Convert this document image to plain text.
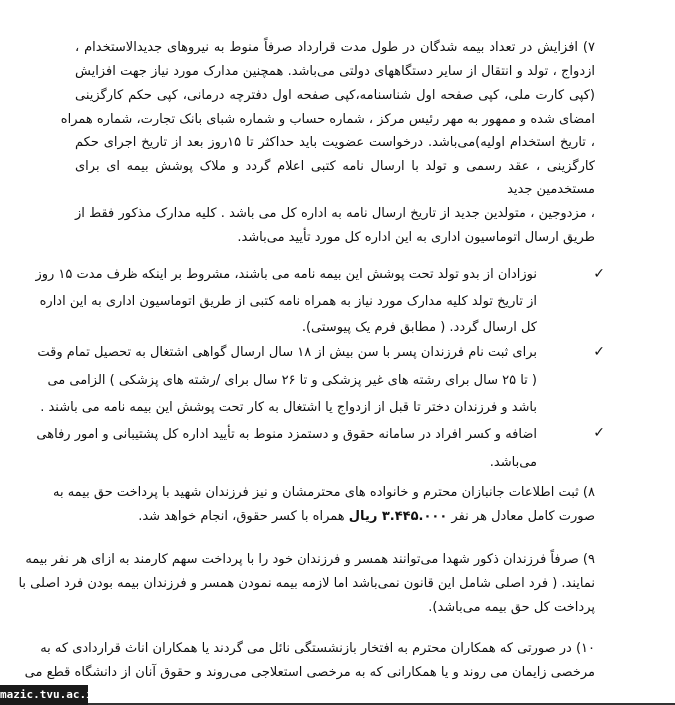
۷) افزایش در تعداد بیمه شدگان در طول مدت قرارداد صرفاً منوط به نیروهای جدیدالاستخدام ،
ازدواج ، تولد و انتقال از سایر دستگاههای دولتی می‌باشد. همچنین مدارک مورد نیاز جهت افزایش
(کپی کارت ملی، کپی صفحه اول شناسنامه،کپی صفحه اول دفترچه درمانی، کپی حکم کارگزینی
امضای شده و ممهور به مهر رئیس مرکز ، شماره حساب و شماره شبای بانک تجارت، شماره همراه
، تاریخ استخدام اولیه)می‌باشد. درخواست عضویت باید حداکثر تا ۱۵روز بعد از تاریخ اجرای حکم
کارگزینی ، عقد رسمی و تولد با ارسال نامه کتبی اعلام گردد و ملاک پوشش بیمه ای برای
مستخدمین جدید
، مزدوجین ، متولدین جدید از تاریخ ارسال نامه به اداره کل می باشد . کلیه مدارک مذکور فقط از
طریق ارسال اتوماسیون اداری به این اداره کل مورد تأیید می‌باشد.
✓
نوزادان از بدو تولد تحت پوشش این بیمه نامه می باشند، مشروط بر اینکه ظرف مدت ۱۵ روز
از تاریخ تولد کلیه مدارک مورد نیاز به همراه نامه کتبی از طریق اتوماسیون اداری به این اداره
کل ارسال گردد. ( مطابق فرم یک پیوستی).
✓
برای ثبت نام فرزندان پسر با سن بیش از ۱۸ سال ارسال گواهی اشتغال به تحصیل تمام وقت
( تا ۲۵ سال برای رشته های غیر پزشکی و تا ۲۶ سال برای /رشته های پزشکی ) الزامی می
باشد و فرزندان دختر تا قبل از ازدواج یا اشتغال به کار تحت پوشش این بیمه نامه می باشند .
✓
اضافه و کسر افراد در سامانه حقوق و دستمزد منوط به تأیید اداره کل پشتیبانی و امور رفاهی
می‌باشد.
۸) ثبت اطلاعات جانبازان محترم و خانواده های محترمشان و نیز فرزندان شهید با پرداخت حق بیمه به
صورت کامل معادل هر نفر ۳.۴۴۵.۰۰۰ ریال همراه با کسر حقوق، انجام خواهد شد.
۹) صرفاً فرزندان ذکور شهدا می‌توانند همسر و فرزندان خود را با پرداخت سهم کارمند به ازای هر نفر بیمه
نمایند. ( فرد اصلی شامل این قانون نمی‌باشد اما لازمه بیمه نمودن همسر و فرزندان بیمه بودن فرد اصلی با
پرداخت کل حق بیمه می‌باشد).
۱۰) در صورتی که همکاران محترم به افتخار بازنشستگی نائل می گردند یا همکاران اناث قراردادی که به
مرخصی زایمان می روند و یا همکارانی که به مرخصی استعلاجی می‌روند و حقوق آنان از دانشگاه قطع می
mazic.tvu.ac.ir
